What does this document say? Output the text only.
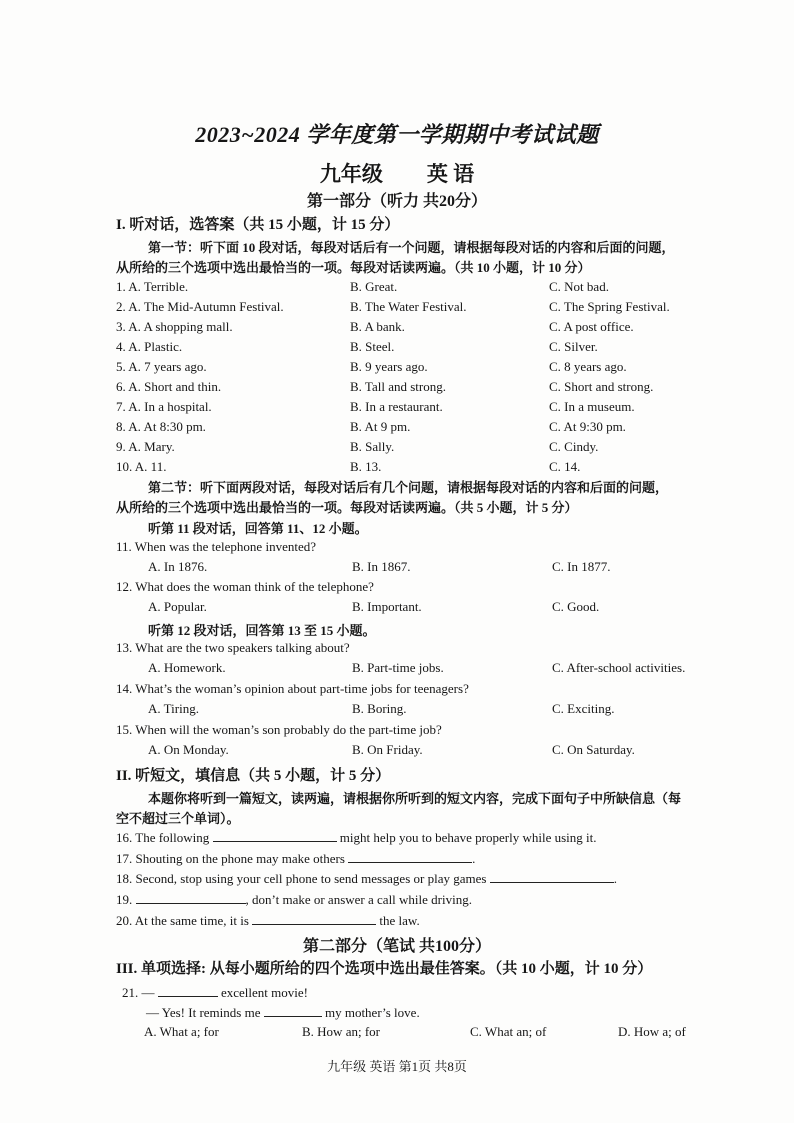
2023~2024 学年度第一学期期中考试试题
九年级 英 语
第一部分（听力 共20分）
I. 听对话，选答案（共 15 小题，计 15 分）
第一节：听下面 10 段对话，每段对话后有一个问题，请根据每段对话的内容和后面的问题，
从所给的三个选项中选出最恰当的一项。每段对话读两遍。（共 10 小题，计 10 分）
1. A. Terrible.	B. Great.	C. Not bad.
2. A. The Mid-Autumn Festival.	B. The Water Festival.	C. The Spring Festival.
3. A. A shopping mall.	B. A bank.	C. A post office.
4. A. Plastic.	B. Steel.	C. Silver.
5. A. 7 years ago.	B. 9 years ago.	C. 8 years ago.
6. A. Short and thin.	B. Tall and strong.	C. Short and strong.
7. A. In a hospital.	B. In a restaurant.	C. In a museum.
8. A. At 8:30 pm.	B. At 9 pm.	C. At 9:30 pm.
9. A. Mary.	B. Sally.	C. Cindy.
10. A. 11.	B. 13.	C. 14.
第二节：听下面两段对话，每段对话后有几个问题，请根据每段对话的内容和后面的问题，
从所给的三个选项中选出最恰当的一项。每段对话读两遍。（共 5 小题，计 5 分）
听第 11 段对话，回答第 11、12 小题。
11. When was the telephone invented?
A. In 1876.	B. In 1867.	C. In 1877.
12. What does the woman think of the telephone?
A. Popular.	B. Important.	C. Good.
听第 12 段对话，回答第 13 至 15 小题。
13. What are the two speakers talking about?
A. Homework.	B. Part-time jobs.	C. After-school activities.
14. What’s the woman’s opinion about part-time jobs for teenagers?
A. Tiring.	B. Boring.	C. Exciting.
15. When will the woman’s son probably do the part-time job?
A. On Monday.	B. On Friday.	C. On Saturday.
II. 听短文，填信息（共 5 小题，计 5 分）
本题你将听到一篇短文，读两遍，请根据你所听到的短文内容，完成下面句子中所缺信息（每
空不超过三个单词）。
16. The following	might help you to behave properly while using it.
17. Shouting on the phone may make others	.
18. Second, stop using your cell phone to send messages or play games	.
19.	, don’t make or answer a call while driving.
20. At the same time, it is	the law.
第二部分（笔试 共100分）
III. 单项选择: 从每小题所给的四个选项中选出最佳答案。（共 10 小题，计 10 分）
21. —	excellent movie!
— Yes! It reminds me	my mother’s love.
A. What a; for	B. How an; for	C. What an; of	D. How a; of
九年级 英语 第1页 共8页
